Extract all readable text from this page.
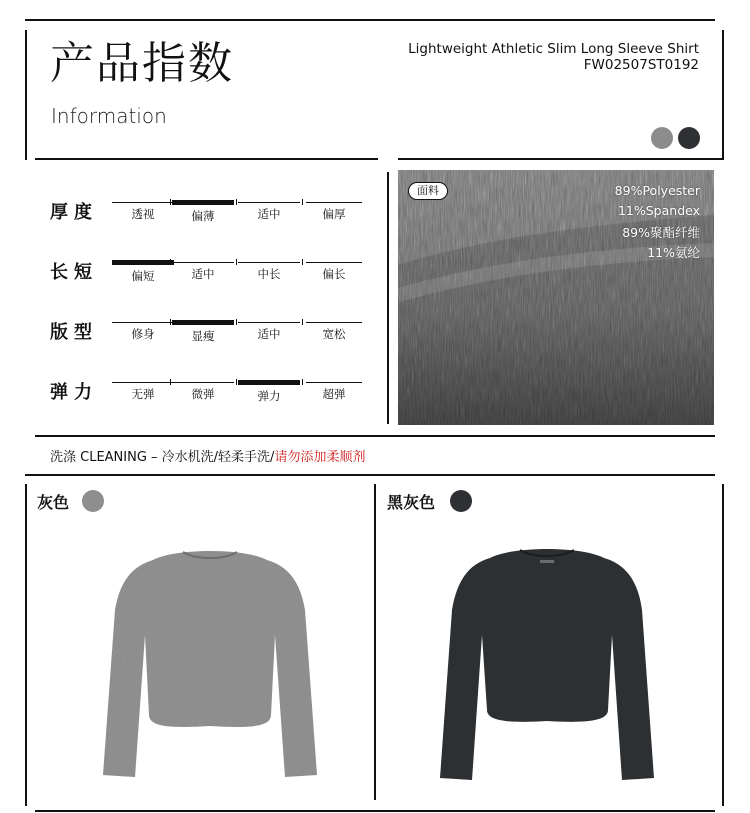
产品指数
Information
Lightweight Athletic Slim Long Sleeve Shirt
FW02507ST0192
厚度	透视	偏薄	适中	偏厚
长短	偏短	适中	中长	偏长
版型	修身	显瘦	适中	宽松
弹力	无弹	微弹	弹力	超弹
面料	89%Polyester
11%Spandex
89%聚酯纤维
11%氨纶
洗涤 CLEANING – 冷水机洗/轻柔手洗/请勿添加柔顺剂
灰色	黑灰色
